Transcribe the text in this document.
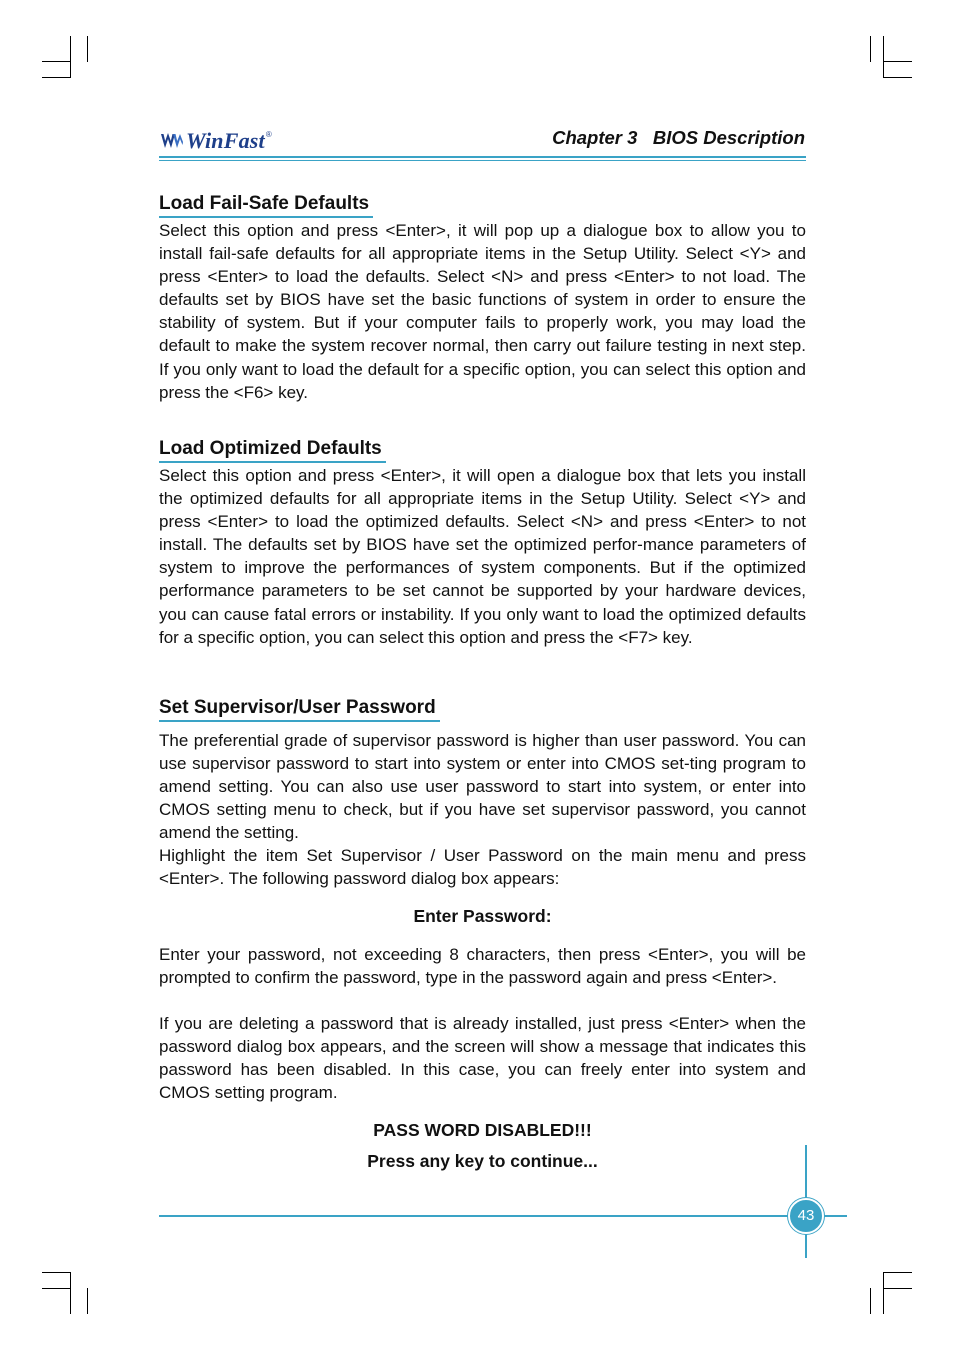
WinFast ®	Chapter 3   BIOS Description
Load Fail-Safe Defaults
Select this option and press <Enter>, it will pop up a dialogue box to allow you to install fail-safe defaults for all appropriate items in the Setup Utility. Select <Y> and press <Enter> to load the defaults. Select <N> and press <Enter> to not load. The defaults set by BIOS have set the basic functions of system in order to ensure the stability of system. But if your computer fails to properly work, you may load the default to make the system recover normal, then carry out failure testing in next step. If you only want to load the default for a specific option, you can select this option and press the <F6> key.
Load Optimized Defaults
Select this option and press <Enter>, it will open a dialogue box that lets you install the optimized defaults for all appropriate items in the Setup Utility. Select <Y> and press <Enter> to load the optimized defaults. Select <N> and press <Enter> to not install. The defaults set by BIOS have set the optimized perfor-mance parameters of system to improve the performances of system components. But if the optimized performance parameters to be set cannot be supported by your hardware devices, you can cause fatal errors or instability. If you only want to load the optimized defaults for a specific option, you can select this option and press the <F7> key.
Set Supervisor/User Password
The preferential grade of supervisor password is higher than user password. You can use supervisor password to start into system or enter into CMOS set-ting program to amend setting. You can also use user password to start into system, or enter into CMOS setting menu to check, but if you have set supervisor password, you cannot amend the setting.
Highlight the item Set Supervisor / User Password on the main menu and press <Enter>. The following password dialog box appears:
Enter Password:
Enter your password, not exceeding 8 characters, then press <Enter>, you will be prompted to confirm the password, type in the password again and press <Enter>.
If you are deleting a password that is already installed, just press <Enter> when the password dialog box appears, and the screen will show a message that indicates this password has been disabled. In this case, you can freely enter into system and CMOS setting program.
PASS WORD DISABLED!!!
Press any key to continue...
43
